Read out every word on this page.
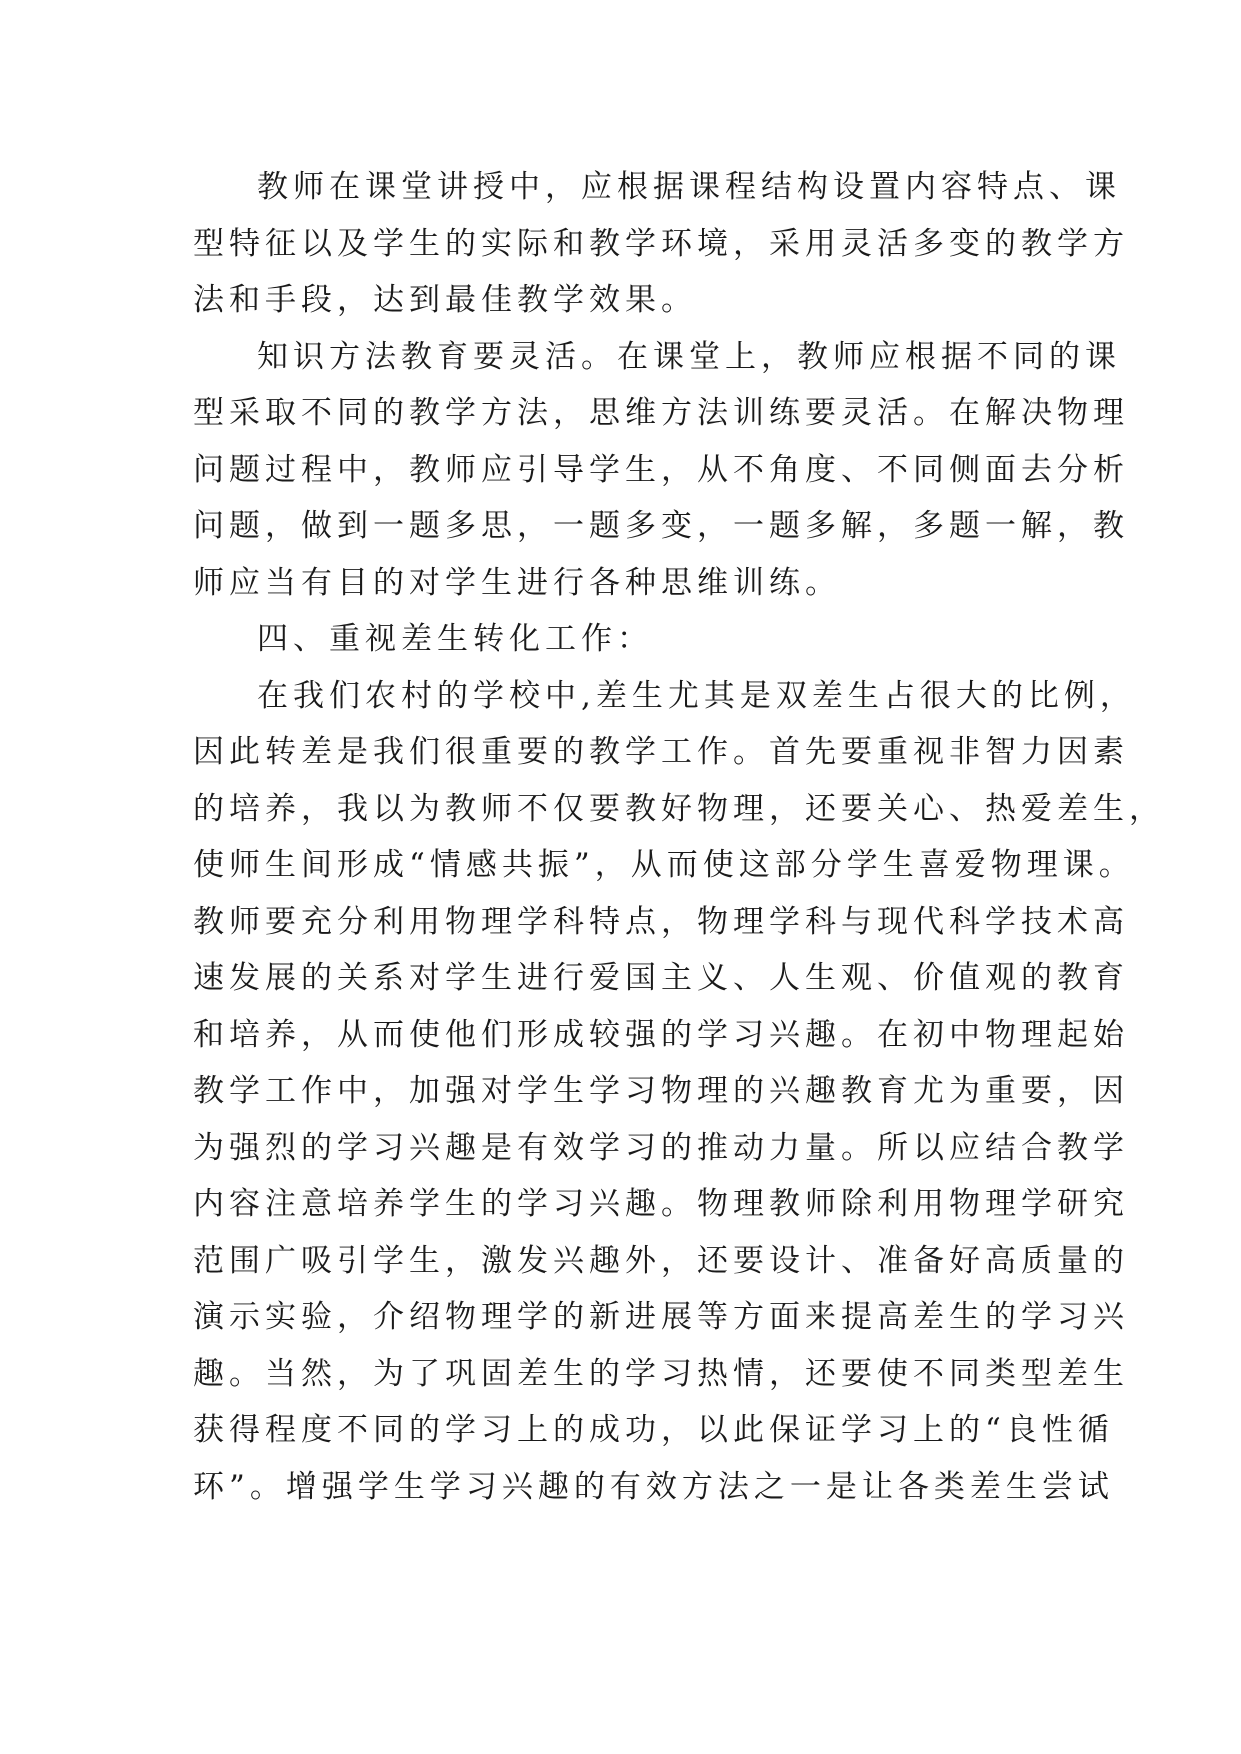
教师在课堂讲授中，应根据课程结构设置内容特点、课
型特征以及学生的实际和教学环境，采用灵活多变的教学方
法和手段，达到最佳教学效果。
知识方法教育要灵活。在课堂上，教师应根据不同的课
型采取不同的教学方法，思维方法训练要灵活。在解决物理
问题过程中，教师应引导学生，从不角度、不同侧面去分析
问题，做到一题多思，一题多变，一题多解，多题一解，教
师应当有目的对学生进行各种思维训练。
四、重视差生转化工作：
在我们农村的学校中,差生尤其是双差生占很大的比例，
因此转差是我们很重要的教学工作。首先要重视非智力因素
的培养，我以为教师不仅要教好物理，还要关心、热爱差生，
使师生间形成“情感共振”，从而使这部分学生喜爱物理课。
教师要充分利用物理学科特点，物理学科与现代科学技术高
速发展的关系对学生进行爱国主义、人生观、价值观的教育
和培养，从而使他们形成较强的学习兴趣。在初中物理起始
教学工作中，加强对学生学习物理的兴趣教育尤为重要，因
为强烈的学习兴趣是有效学习的推动力量。所以应结合教学
内容注意培养学生的学习兴趣。物理教师除利用物理学研究
范围广吸引学生，激发兴趣外，还要设计、准备好高质量的
演示实验，介绍物理学的新进展等方面来提高差生的学习兴
趣。当然，为了巩固差生的学习热情，还要使不同类型差生
获得程度不同的学习上的成功，以此保证学习上的“良性循
环”。增强学生学习兴趣的有效方法之一是让各类差生尝试
